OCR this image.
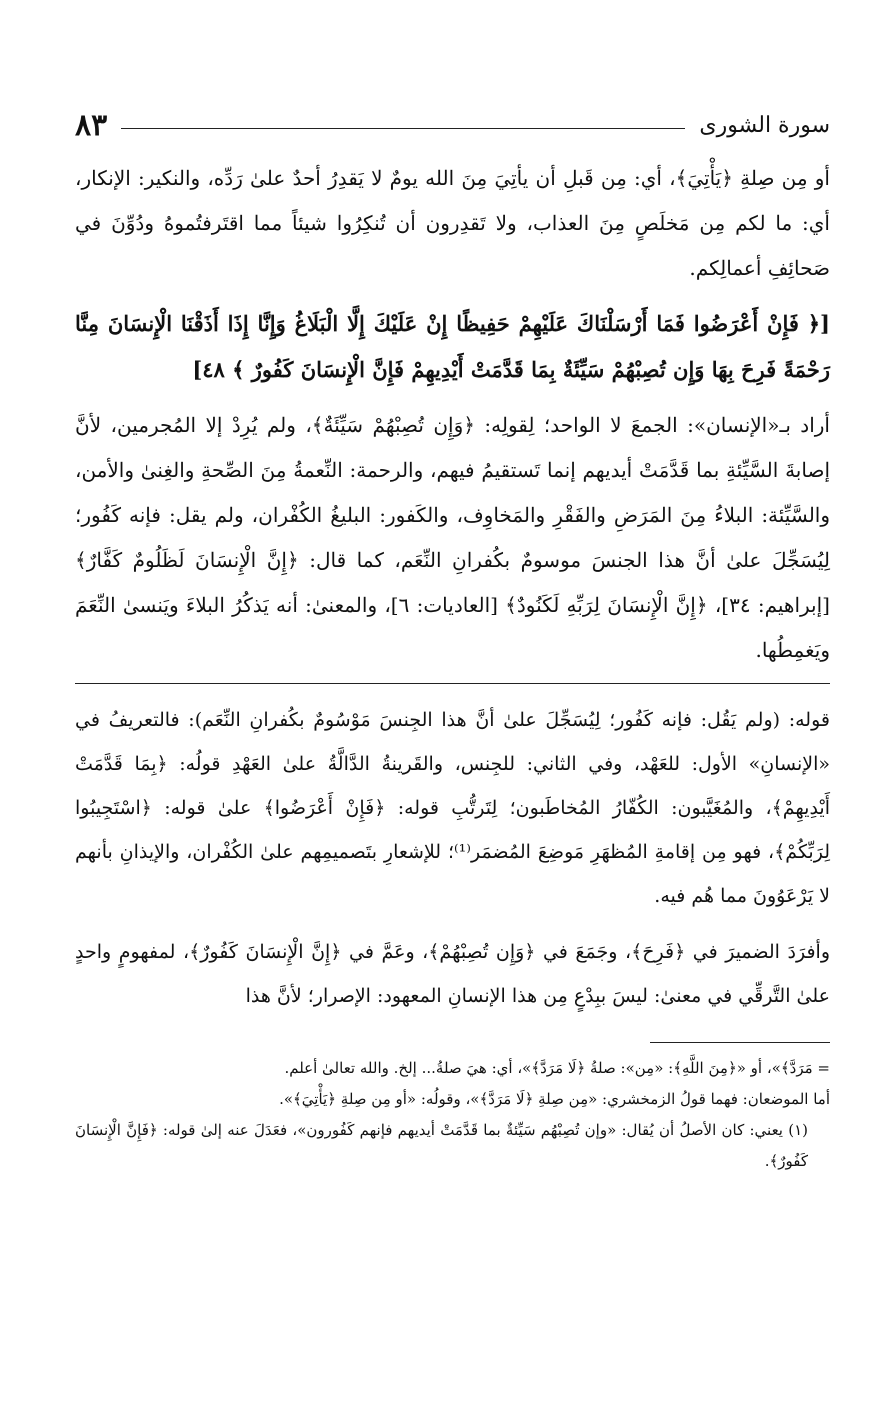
سورة الشورى
٨٣

أو مِن صِلةِ ﴿يَأْتِيَ﴾، أي: مِن قَبلِ أن يأتِيَ مِنَ الله يومٌ لا يَقدِرُ أحدٌ علىٰ رَدِّه، والنكير: الإنكار، أي: ما لكم مِن مَخلَصٍ مِنَ العذاب، ولا تَقدِرون أن تُنكِرُوا شيئاً مما اقتَرفتُموهُ ودُوِّنَ في صَحائِفِ أعمالِكم.

[﴿ فَإِنْ أَعْرَضُوا فَمَا أَرْسَلْنَاكَ عَلَيْهِمْ حَفِيظًا إِنْ عَلَيْكَ إِلَّا الْبَلَاغُ وَإِنَّا إِذَا أَذَقْنَا الْإِنسَانَ مِنَّا رَحْمَةً فَرِحَ بِهَا وَإِن تُصِبْهُمْ سَيِّئَةٌ بِمَا قَدَّمَتْ أَيْدِيهِمْ فَإِنَّ الْإِنسَانَ كَفُورٌ ﴾ ٤٨]

أراد بـ«الإنسان»: الجمعَ لا الواحد؛ لِقولِه: ﴿وَإِن تُصِبْهُمْ سَيِّئَةٌ﴾، ولم يُرِدْ إلا المُجرمين، لأنَّ إصابةَ السَّيِّئةِ بما قَدَّمَتْ أيديهم إنما تَستقيمُ فيهم، والرحمة: النِّعمةُ مِنَ الصِّحةِ والغِنىٰ والأمن، والسَّيِّئة: البلاءُ مِنَ المَرَضِ والفَقْرِ والمَخاوِف، والكَفور: البليغُ الكُفْران، ولم يقل: فإنه كَفُور؛ لِيُسَجِّلَ علىٰ أنَّ هذا الجنسَ موسومٌ بكُفرانِ النِّعَم، كما قال: ﴿إِنَّ الْإِنسَانَ لَظَلُومٌ كَفَّارٌ﴾ [إبراهيم: ٣٤]، ﴿إِنَّ الْإِنسَانَ لِرَبِّهِ لَكَنُودٌ﴾ [العاديات: ٦]، والمعنىٰ: أنه يَذكُرُ البلاءَ ويَنسىٰ النِّعَمَ ويَغمِطُها.

قوله: (ولم يَقُل: فإنه كَفُور؛ لِيُسَجِّلَ علىٰ أنَّ هذا الجِنسَ مَوْسُومٌ بكُفرانِ النِّعَم): فالتعريفُ في «الإنسانِ» الأول: للعَهْد، وفي الثاني: للجِنس، والقَرينةُ الدَّالَّةُ علىٰ العَهْدِ قولُه: ﴿بِمَا قَدَّمَتْ أَيْدِيهِمْ﴾، والمُغَيَّبون: الكُفّارُ المُخاطَبون؛ لِتَرتُّبِ قوله: ﴿فَإِنْ أَعْرَضُوا﴾ علىٰ قوله: ﴿اسْتَجِيبُوا لِرَبِّكُمْ﴾، فهو مِن إقامةِ المُظهَرِ مَوضِعَ المُضمَر⁽¹⁾؛ للإشعارِ بتَصميمِهم علىٰ الكُفْران، والإيذانِ بأنهم لا يَرْعَوُونَ مما هُم فيه.

وأفرَدَ الضميرَ في ﴿فَرِحَ﴾، وجَمَعَ في ﴿وَإِن تُصِبْهُمْ﴾، وعَمَّ في ﴿إِنَّ الْإِنسَانَ كَفُورٌ﴾، لمفهومٍ واحدٍ علىٰ التَّرقِّي في معنىٰ: ليسَ ببِدْعٍ مِن هذا الإنسانِ المعهود: الإصرار؛ لأنَّ هذا

= مَرَدَّ﴾»، أو «﴿مِنَ اللَّهِ﴾: «مِن»: صلةُ ﴿لَا مَرَدَّ﴾»، أي: هيَ صلةُ... إلخ. والله تعالىٰ أعلم.

أما الموضعان: فهما قولُ الزمخشري: «مِن صِلةِ ﴿لَا مَرَدَّ﴾»، وقولُه: «أو مِن صِلةِ ﴿يَأْتِيَ﴾».

(١) يعني: كان الأصلُ أن يُقال: «وإن تُصِبْهُم سَيِّئةٌ بما قَدَّمَتْ أيديهم فإنهم كَفُورون»، فعَدَلَ عنه إلىٰ قوله: ﴿فَإِنَّ الْإِنسَانَ كَفُورٌ﴾.
